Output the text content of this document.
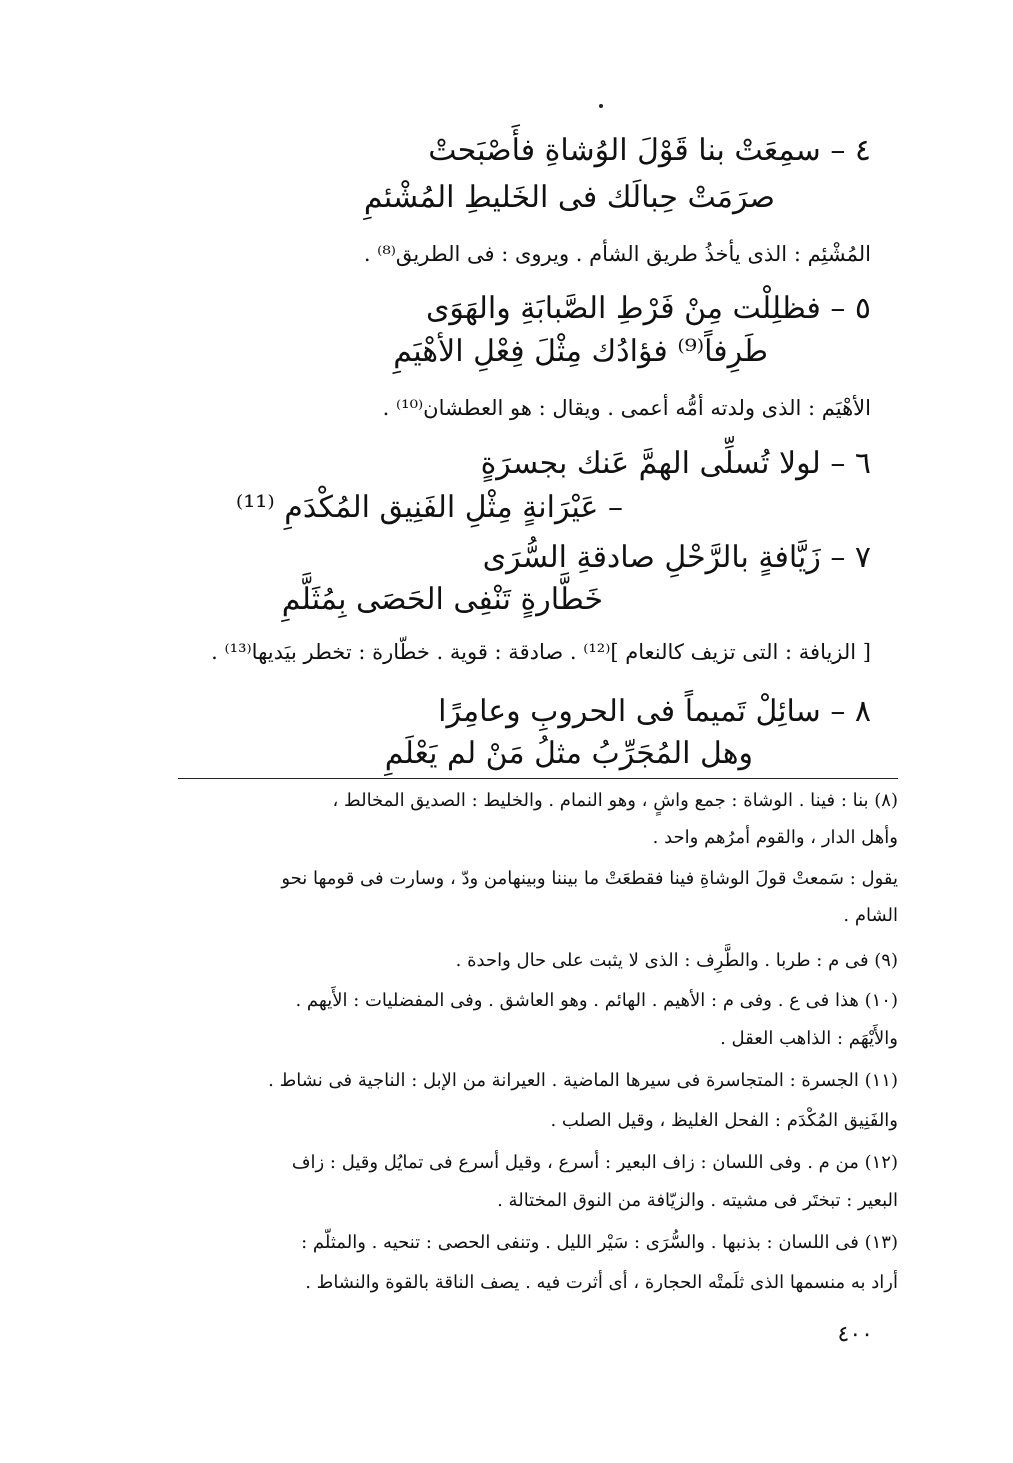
٤ – سمِعَتْ بنا قَوْلَ الوُشاةِ فأَصْبَحتْ
صرَمَتْ حِبالَك فى الخَليطِ المُشْئمِ
المُشْئِم : الذى يأخذُ طريق الشأم . ويروى : فى الطريق⁽⁸⁾ .
٥ – فظلِلْت مِنْ فَرْطِ الصَّبابَةِ والهَوَى
طَرِفاً⁽⁹⁾ فؤادُك مِثْلَ فِعْلِ الأهْيَمِ
الأهْيَم : الذى ولدته أمُّه أعمى . ويقال : هو العطشان⁽¹⁰⁾ .
٦ – لولا تُسلِّى الهمَّ عَنك بجسرَةٍ
– عَيْرَانةٍ مِثْلِ الفَنِيق المُكْدَمِ ⁽¹¹⁾
٧ – زَيَّافةٍ بالرَّحْلِ صادقةِ السُّرَى
خَطَّارةٍ تَنْفِى الحَصَى بِمُثَلَّمِ
[ الزيافة : التى تزيف كالنعام ]⁽¹²⁾ . صادقة : قوية . خطّارة : تخطر بيَديها⁽¹³⁾ .
٨ – سائِلْ تَميماً فى الحروبِ وعامِرًا
وهل المُجَرِّبُ مثلُ مَنْ لم يَعْلَمِ
(٨) بنا : فينا . الوشاة : جمع واشٍ ، وهو النمام . والخليط : الصديق المخالط ،
وأهل الدار ، والقوم أمرُهم واحد .
يقول : سَمعتْ قولَ الوشاةِ فينا فقطعَتْ ما بيننا وبينهامن ودّ ، وسارت فى قومها نحو
الشام .
(٩) فى م : طربا . والطَّرِف : الذى لا يثبت على حال واحدة .
(١٠) هذا فى ع . وفى م : الأهيم . الهائم . وهو العاشق . وفى المفضليات : الأَيهم .
والأَيْهَم : الذاهب العقل .
(١١) الجسرة : المتجاسرة فى سيرها الماضية . العيرانة من الإبل : الناجية فى نشاط .
والفَنِيق المُكْدَم : الفحل الغليظ ، وقيل الصلب .
(١٢) من م . وفى اللسان : زاف البعير : أسرع ، وقيل أسرع فى تمايُل وقيل : زاف
البعير : تبختَر فى مشيته . والزيّافة من النوق المختالة .
(١٣) فى اللسان : بذنبها . والسُّرَى : سَيْر الليل . وتنفى الحصى : تنحيه . والمثلّم :
أراد به منسمها الذى ثلَمتْه الحجارة ، أى أثرت فيه . يصف الناقة بالقوة والنشاط .
٤٠٠
